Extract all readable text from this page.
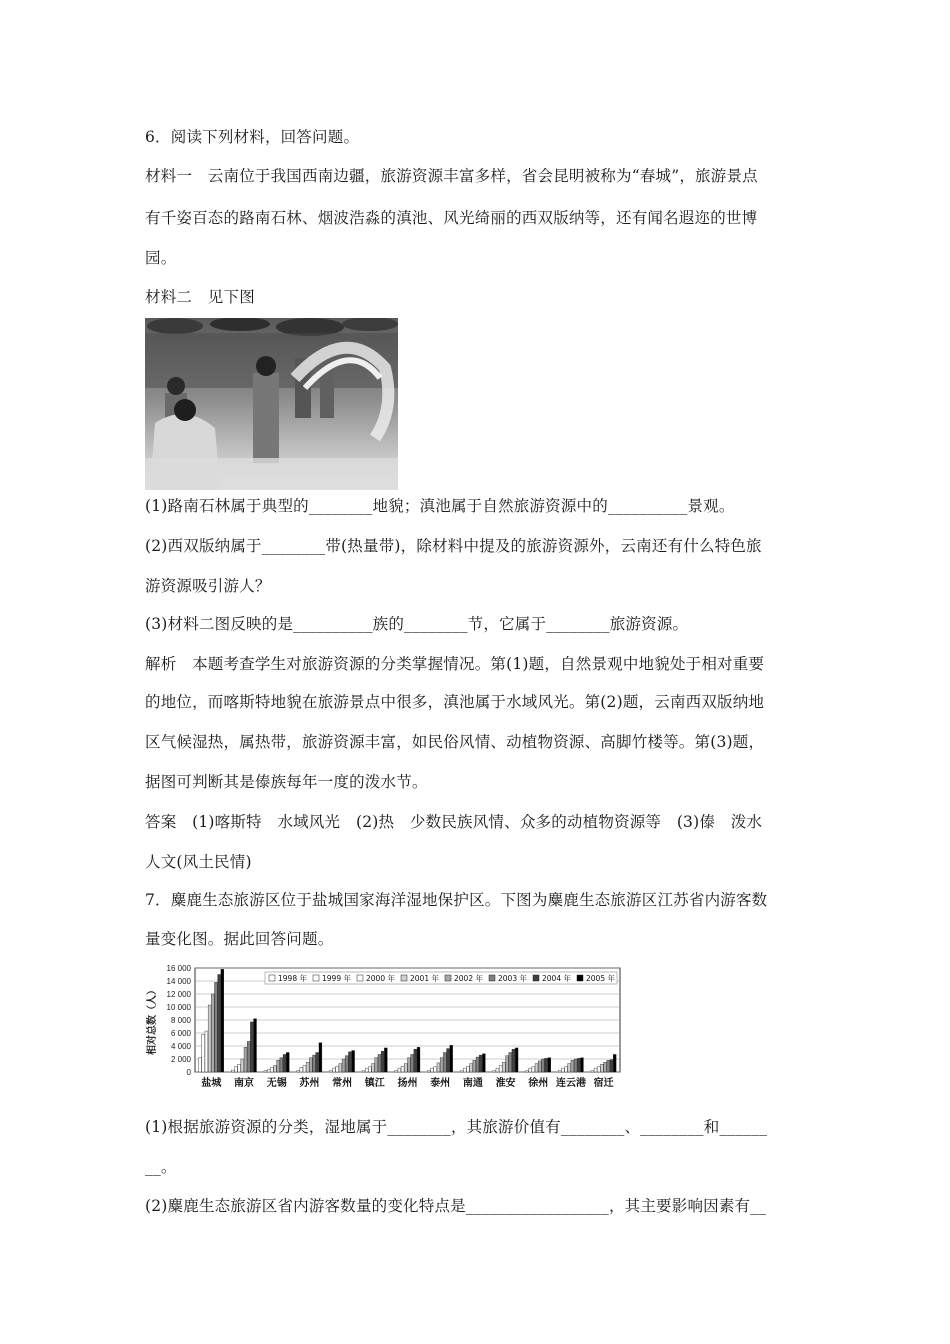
6．阅读下列材料，回答问题。
材料一　云南位于我国西南边疆，旅游资源丰富多样，省会昆明被称为“春城”，旅游景点
有千姿百态的路南石林、烟波浩淼的滇池、风光绮丽的西双版纳等，还有闻名遐迩的世博
园。
材料二　见下图
(1)路南石林属于典型的________地貌；滇池属于自然旅游资源中的__________景观。
(2)西双版纳属于________带(热量带)，除材料中提及的旅游资源外，云南还有什么特色旅
游资源吸引游人？
(3)材料二图反映的是__________族的________节，它属于________旅游资源。
解析　本题考查学生对旅游资源的分类掌握情况。第(1)题，自然景观中地貌处于相对重要
的地位，而喀斯特地貌在旅游景点中很多，滇池属于水域风光。第(2)题，云南西双版纳地
区气候湿热，属热带，旅游资源丰富，如民俗风情、动植物资源、高脚竹楼等。第(3)题，
据图可判断其是傣族每年一度的泼水节。
答案　(1)喀斯特　水域风光　(2)热　少数民族风情、众多的动植物资源等　(3)傣　泼水
人文(风土民情)
7．麋鹿生态旅游区位于盐城国家海洋湿地保护区。下图为麋鹿生态旅游区江苏省内游客数
量变化图。据此回答问题。
0
2 000
4 000
6 000
8 000
10 000
12 000
14 000
16 000
相对总数（人）
盐城 南京 无锡 苏州 常州 镇江 扬州 泰州 南通 淮安 徐州 连云港 宿迁
1998 年 1999 年 2000 年 2001 年 2002 年 2003 年 2004 年 2005 年
(1)根据旅游资源的分类，湿地属于________，其旅游价值有________、________和______
__。
(2)麋鹿生态旅游区省内游客数量的变化特点是__________________，其主要影响因素有__
